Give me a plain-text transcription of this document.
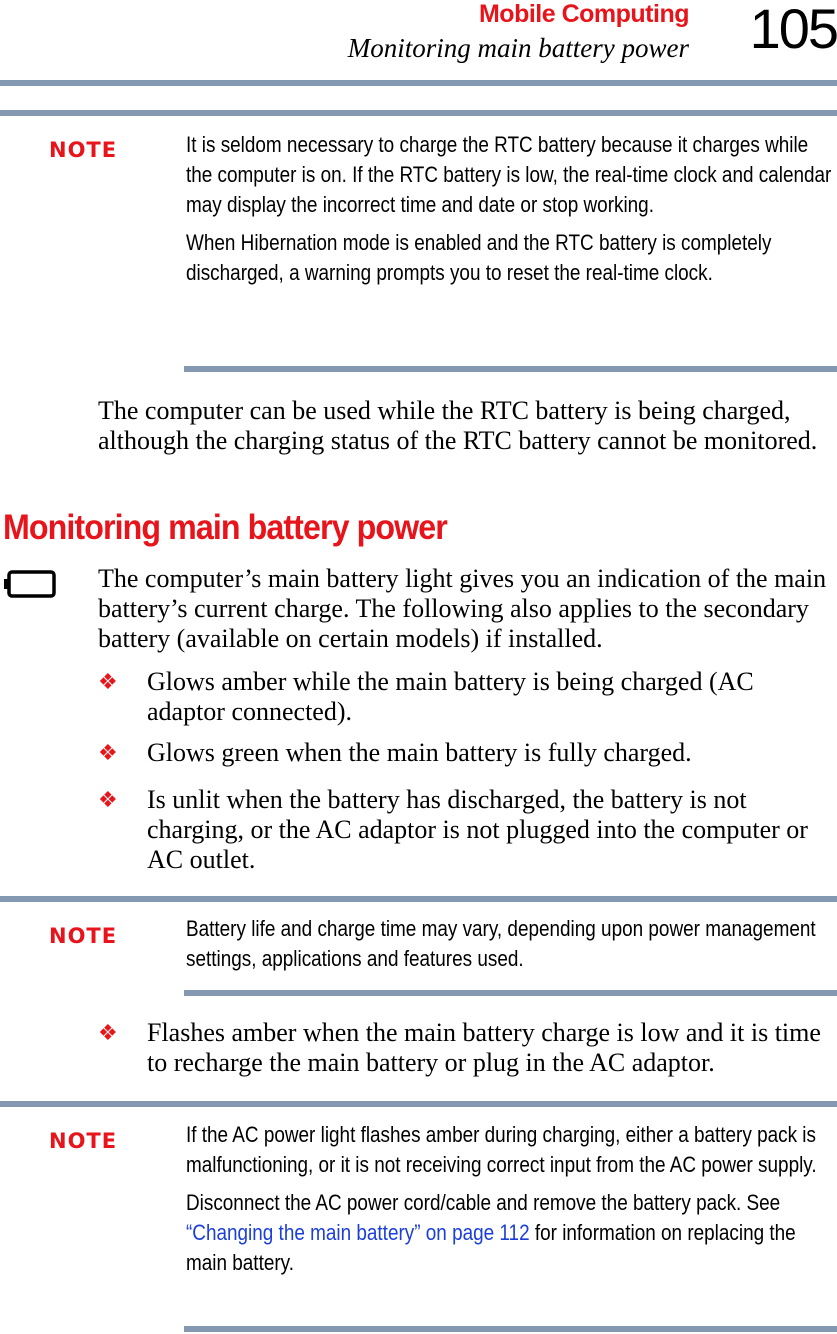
Mobile Computing
Monitoring main battery power 105
NOTE	It is seldom necessary to charge the RTC battery because it charges while the computer is on. If the RTC battery is low, the real-time clock and calendar may display the incorrect time and date or stop working.

When Hibernation mode is enabled and the RTC battery is completely discharged, a warning prompts you to reset the real-time clock.

The computer can be used while the RTC battery is being charged, although the charging status of the RTC battery cannot be monitored.
Monitoring main battery power
The computer’s main battery light gives you an indication of the main battery’s current charge. The following also applies to the secondary battery (available on certain models) if installed.
❖ Glows amber while the main battery is being charged (AC adaptor connected).
❖ Glows green when the main battery is fully charged.
❖ Is unlit when the battery has discharged, the battery is not charging, or the AC adaptor is not plugged into the computer or AC outlet.
NOTE	Battery life and charge time may vary, depending upon power management settings, applications and features used.

❖ Flashes amber when the main battery charge is low and it is time to recharge the main battery or plug in the AC adaptor.
NOTE	If the AC power light flashes amber during charging, either a battery pack is malfunctioning, or it is not receiving correct input from the AC power supply.

Disconnect the AC power cord/cable and remove the battery pack. See “Changing the main battery” on page 112 for information on replacing the main battery.
